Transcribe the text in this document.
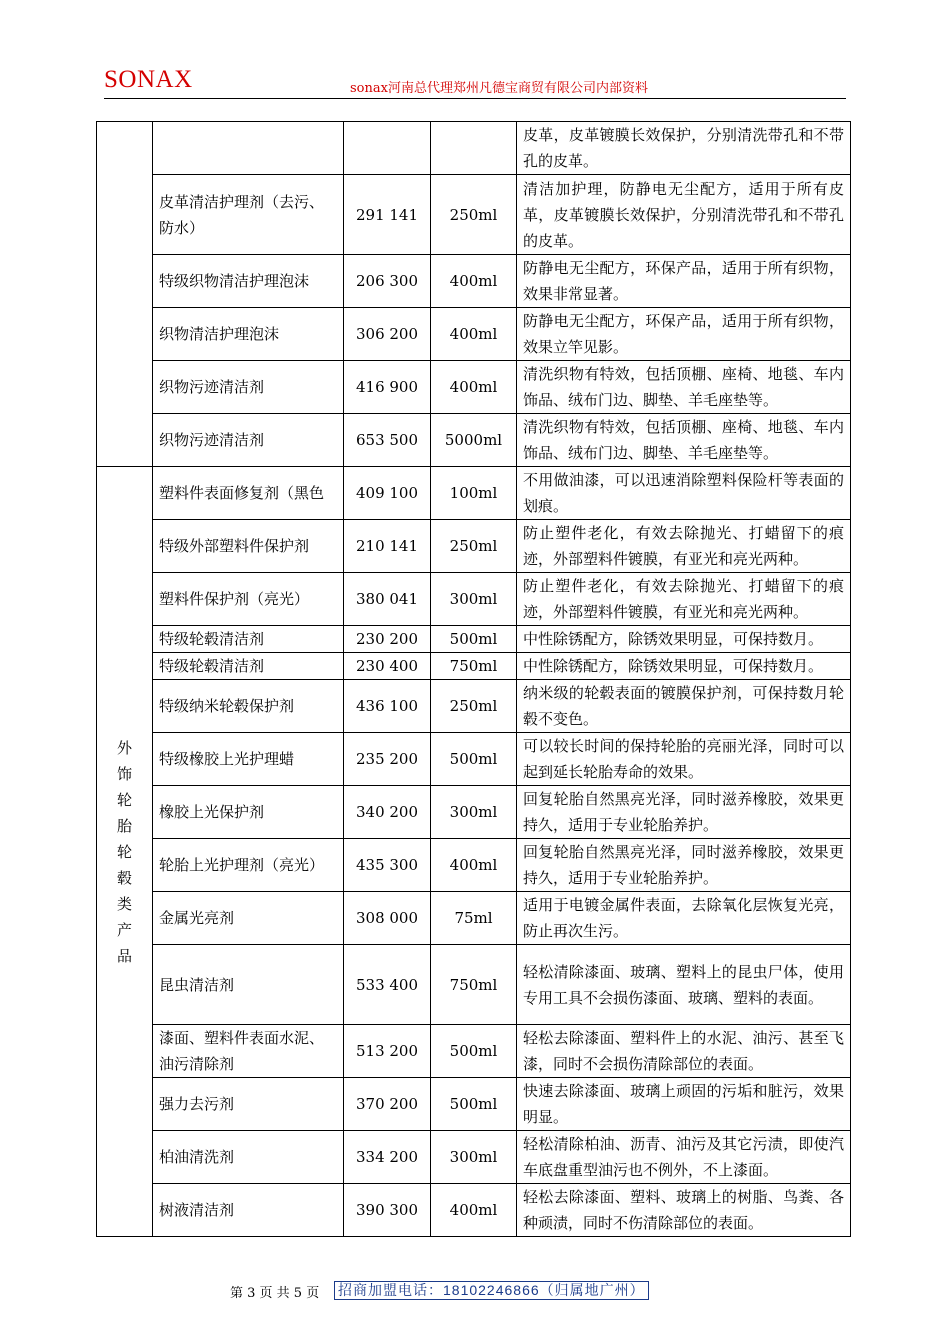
SONAX	sonax河南总代理郑州凡德宝商贸有限公司内部资料
				皮革，皮革镀膜长效保护，分别清洗带孔和不带孔的皮革。
	皮革清洁护理剂（去污、防水）	291 141	250ml	清洁加护理，防静电无尘配方，适用于所有皮革，皮革镀膜长效保护，分别清洗带孔和不带孔的皮革。
	特级织物清洁护理泡沫	206 300	400ml	防静电无尘配方，环保产品，适用于所有织物，效果非常显著。
	织物清洁护理泡沫	306 200	400ml	防静电无尘配方，环保产品，适用于所有织物，效果立竿见影。
	织物污迹清洁剂	416 900	400ml	清洗织物有特效，包括顶棚、座椅、地毯、车内饰品、绒布门边、脚垫、羊毛座垫等。
	织物污迹清洁剂	653 500	5000ml	清洗织物有特效，包括顶棚、座椅、地毯、车内饰品、绒布门边、脚垫、羊毛座垫等。
外饰轮胎轮毂类产品	塑料件表面修复剂（黑色	409 100	100ml	不用做油漆，可以迅速消除塑料保险杆等表面的划痕。
	特级外部塑料件保护剂	210 141	250ml	防止塑件老化，有效去除抛光、打蜡留下的痕迹，外部塑料件镀膜，有亚光和亮光两种。
	塑料件保护剂（亮光）	380 041	300ml	防止塑件老化，有效去除抛光、打蜡留下的痕迹，外部塑料件镀膜，有亚光和亮光两种。
	特级轮毂清洁剂	230 200	500ml	中性除锈配方，除锈效果明显，可保持数月。
	特级轮毂清洁剂	230 400	750ml	中性除锈配方，除锈效果明显，可保持数月。
	特级纳米轮毂保护剂	436 100	250ml	纳米级的轮毂表面的镀膜保护剂，可保持数月轮毂不变色。
	特级橡胶上光护理蜡	235 200	500ml	可以较长时间的保持轮胎的亮丽光泽，同时可以起到延长轮胎寿命的效果。
	橡胶上光保护剂	340 200	300ml	回复轮胎自然黑亮光泽，同时滋养橡胶，效果更持久，适用于专业轮胎养护。
	轮胎上光护理剂（亮光）	435 300	400ml	回复轮胎自然黑亮光泽，同时滋养橡胶，效果更持久，适用于专业轮胎养护。
	金属光亮剂	308 000	75ml	适用于电镀金属件表面，去除氧化层恢复光亮，防止再次生污。
	昆虫清洁剂	533 400	750ml	轻松清除漆面、玻璃、塑料上的昆虫尸体，使用专用工具不会损伤漆面、玻璃、塑料的表面。
	漆面、塑料件表面水泥、油污清除剂	513 200	500ml	轻松去除漆面、塑料件上的水泥、油污、甚至飞漆，同时不会损伤清除部位的表面。
	强力去污剂	370 200	500ml	快速去除漆面、玻璃上顽固的污垢和脏污，效果明显。
	柏油清洗剂	334 200	300ml	轻松清除柏油、沥青、油污及其它污渍，即使汽车底盘重型油污也不例外，不上漆面。
	树液清洁剂	390 300	400ml	轻松去除漆面、塑料、玻璃上的树脂、鸟粪、各种顽渍，同时不伤清除部位的表面。
第 3 页 共 5 页 招商加盟电话：18102246866（归属地广州）
